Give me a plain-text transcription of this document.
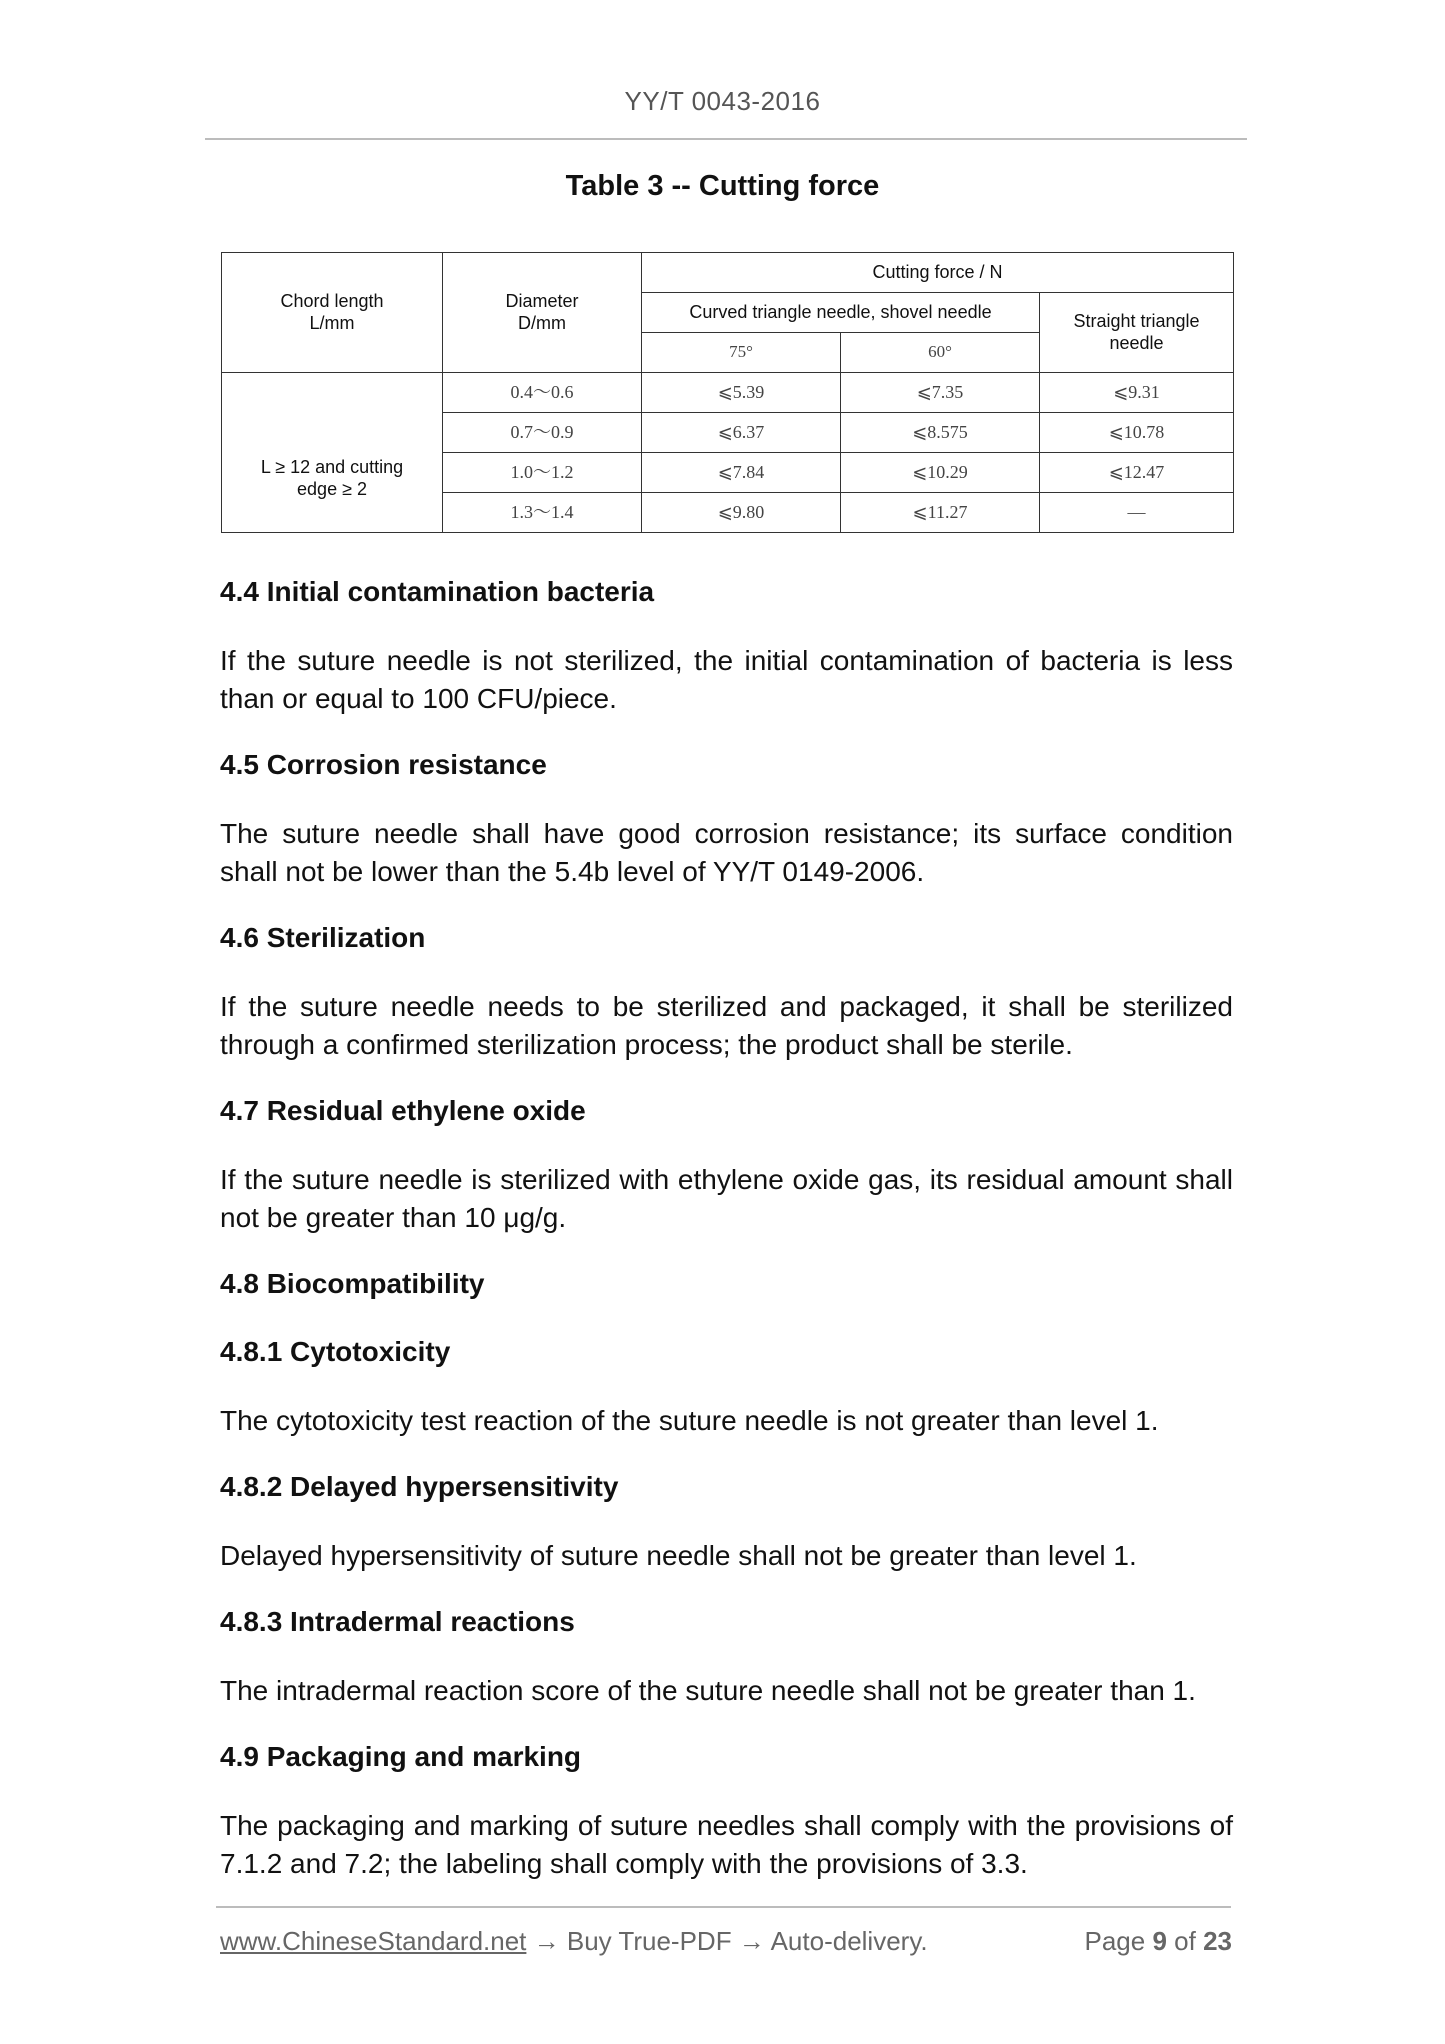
YY/T 0043-2016
Table 3 -- Cutting force
Chord length
L/mm	Diameter
D/mm	Cutting force / N		
		Curved triangle needle, shovel needle		Straight triangle
needle
		75°	60°	
L ≥ 12 and cutting
edge ≥ 2	0.4～0.6	⩽5.39	⩽7.35	⩽9.31
	0.7～0.9	⩽6.37	⩽8.575	⩽10.78
	1.0～1.2	⩽7.84	⩽10.29	⩽12.47
	1.3～1.4	⩽9.80	⩽11.27	—
4.4 Initial contamination bacteria
If the suture needle is not sterilized, the initial contamination of bacteria is less than or equal to 100 CFU/piece.
4.5 Corrosion resistance
The suture needle shall have good corrosion resistance; its surface condition shall not be lower than the 5.4b level of YY/T 0149-2006.
4.6 Sterilization
If the suture needle needs to be sterilized and packaged, it shall be sterilized through a confirmed sterilization process; the product shall be sterile.
4.7 Residual ethylene oxide
If the suture needle is sterilized with ethylene oxide gas, its residual amount shall not be greater than 10 μg/g.
4.8 Biocompatibility
4.8.1 Cytotoxicity
The cytotoxicity test reaction of the suture needle is not greater than level 1.
4.8.2 Delayed hypersensitivity
Delayed hypersensitivity of suture needle shall not be greater than level 1.
4.8.3 Intradermal reactions
The intradermal reaction score of the suture needle shall not be greater than 1.
4.9 Packaging and marking
The packaging and marking of suture needles shall comply with the provisions of 7.1.2 and 7.2; the labeling shall comply with the provisions of 3.3.
www.ChineseStandard.net → Buy True-PDF → Auto-delivery.	Page 9 of 23
